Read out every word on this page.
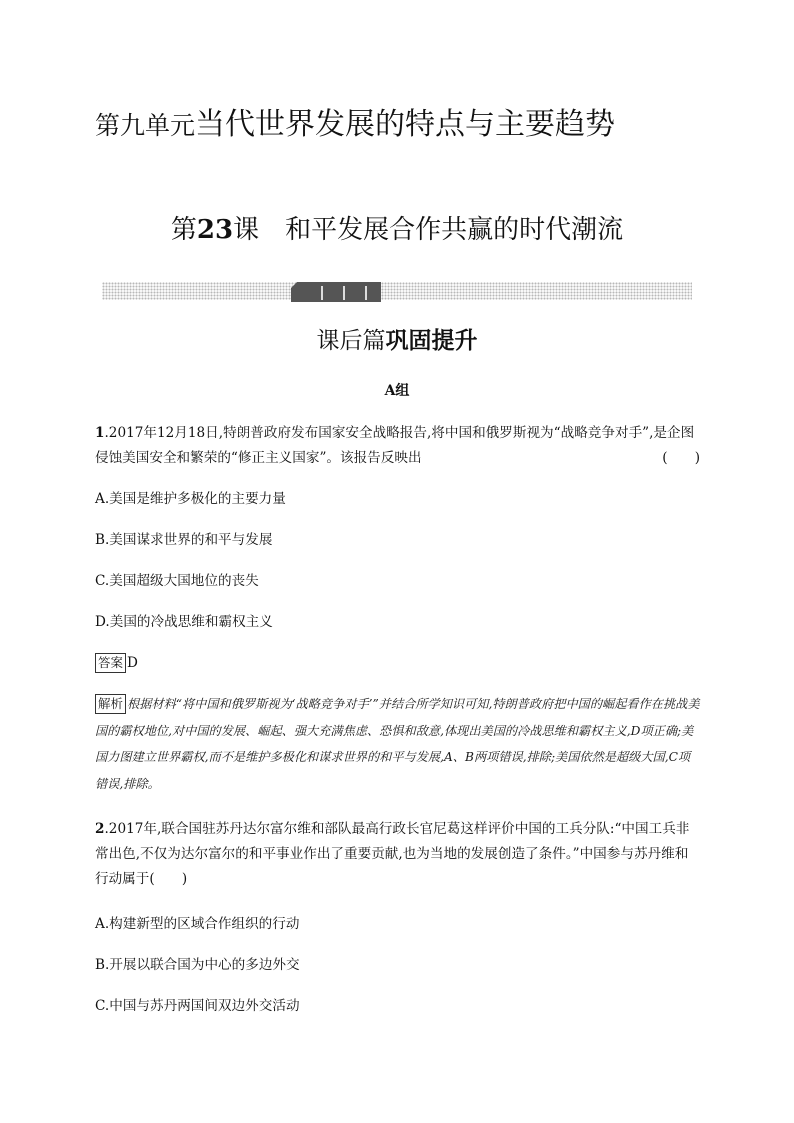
第九单元当代世界发展的特点与主要趋势
第23课  和平发展合作共赢的时代潮流
课后篇巩固提升
A组
1.2017年12月18日,特朗普政府发布国家安全战略报告,将中国和俄罗斯视为“战略竞争对手”,是企图侵蚀美国安全和繁荣的“修正主义国家”。该报告反映出	(　　)
A.美国是维护多极化的主要力量
B.美国谋求世界的和平与发展
C.美国超级大国地位的丧失
D.美国的冷战思维和霸权主义
答案 D
解析 根据材料“将中国和俄罗斯视为‘战略竞争对手’”并结合所学知识可知,特朗普政府把中国的崛起看作在挑战美国的霸权地位,对中国的发展、崛起、强大充满焦虑、恐惧和敌意,体现出美国的冷战思维和霸权主义,D项正确;美国力图建立世界霸权,而不是维护多极化和谋求世界的和平与发展,A、B两项错误,排除;美国依然是超级大国,C项错误,排除。
2.2017年,联合国驻苏丹达尔富尔维和部队最高行政长官尼葛这样评价中国的工兵分队:“中国工兵非常出色,不仅为达尔富尔的和平事业作出了重要贡献,也为当地的发展创造了条件。”中国参与苏丹维和行动属于(　　)
A.构建新型的区域合作组织的行动
B.开展以联合国为中心的多边外交
C.中国与苏丹两国间双边外交活动
